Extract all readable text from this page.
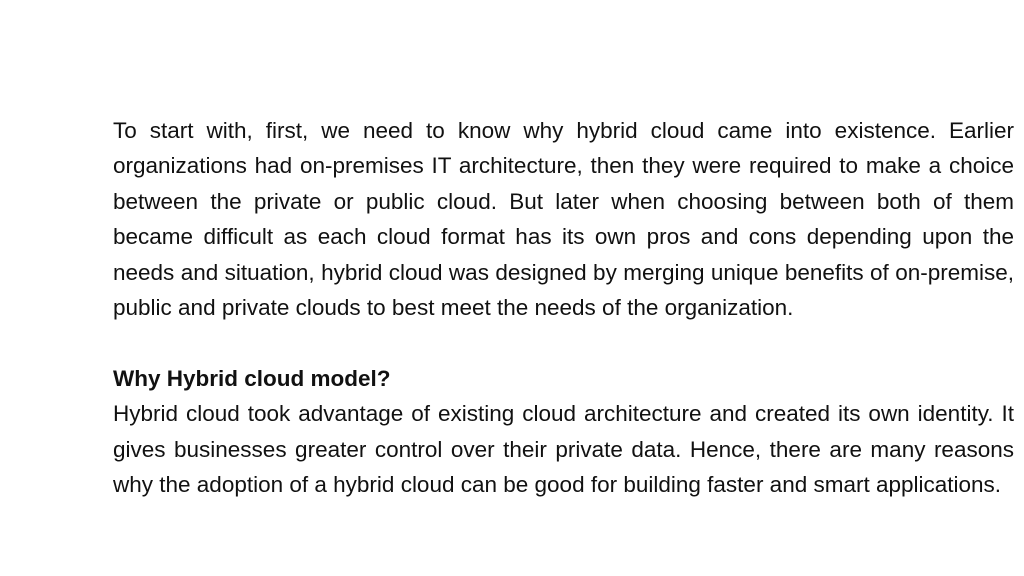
To start with, first, we need to know why hybrid cloud came into existence. Earlier organizations had on-premises IT architecture, then they were required to make a choice between the private or public cloud. But later when choosing between both of them became difficult as each cloud format has its own pros and cons depending upon the needs and situation, hybrid cloud was designed by merging unique benefits of on-premise, public and private clouds to best meet the needs of the organization.

Why Hybrid cloud model?

Hybrid cloud took advantage of existing cloud architecture and created its own identity. It gives businesses greater control over their private data. Hence, there are many reasons why the adoption of a hybrid cloud can be good for building faster and smart applications.
